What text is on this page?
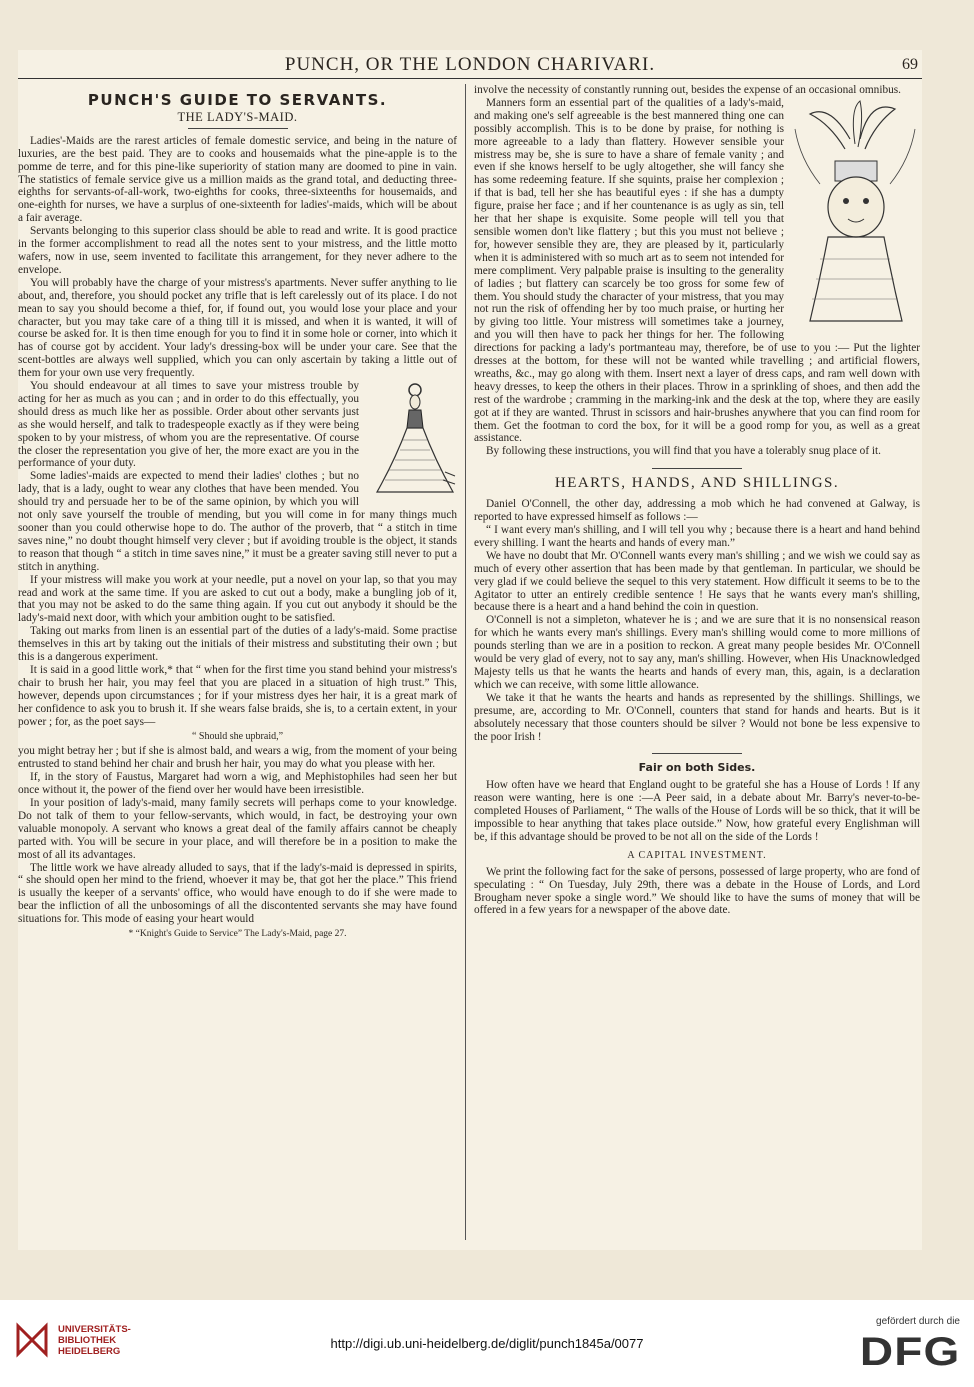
PUNCH, OR THE LONDON CHARIVARI.	69
PUNCH'S GUIDE TO SERVANTS.
THE LADY'S-MAID.

Ladies'-Maids are the rarest articles of female domestic service, and being in the nature of luxuries, are the best paid. They are to cooks and housemaids what the pine-apple is to the pomme de terre, and for this pine-like superiority of station many are doomed to pine in vain. The statistics of female service give us a million maids as the grand total, and deducting three-eighths for servants-of-all-work, two-eighths for cooks, three-sixteenths for housemaids, and one-eighth for nurses, we have a surplus of one-sixteenth for ladies'-maids, which will be about a fair average.

Servants belonging to this superior class should be able to read and write. It is good practice in the former accomplishment to read all the notes sent to your mistress, and the little motto wafers, now in use, seem invented to facilitate this arrangement, for they never adhere to the envelope.

You will probably have the charge of your mistress's apartments. Never suffer anything to lie about, and, therefore, you should pocket any trifle that is left carelessly out of its place. I do not mean to say you should become a thief, for, if found out, you would lose your place and your character, but you may take care of a thing till it is missed, and when it is wanted, it will of course be asked for. It is then time enough for you to find it in some hole or corner, into which it has of course got by accident. Your lady's dressing-box will be under your care. See that the scent-bottles are always well supplied, which you can only ascertain by taking a little out of them for your own use very frequently.

You should endeavour at all times to save your mistress trouble by acting for her as much as you can ; and in order to do this effectually, you should dress as much like her as possible. Order about other servants just as she would herself, and talk to tradespeople exactly as if they were being spoken to by your mistress, of whom you are the representative. Of course the closer the representation you give of her, the more exact are you in the performance of your duty.

Some ladies'-maids are expected to mend their ladies' clothes ; but no lady, that is a lady, ought to wear any clothes that have been mended. You should try and persuade her to be of the same opinion, by which you will not only save yourself the trouble of mending, but you will come in for many things much sooner than you could otherwise hope to do. The author of the proverb, that “ a stitch in time saves nine,” no doubt thought himself very clever ; but if avoiding trouble is the object, it stands to reason that though “ a stitch in time saves nine,” it must be a greater saving still never to put a stitch in anything.

If your mistress will make you work at your needle, put a novel on your lap, so that you may read and work at the same time. If you are asked to cut out a body, make a bungling job of it, that you may not be asked to do the same thing again. If you cut out anybody it should be the lady's-maid next door, with which your ambition ought to be satisfied.

Taking out marks from linen is an essential part of the duties of a lady's-maid. Some practise themselves in this art by taking out the initials of their mistress and substituting their own ; but this is a dangerous experiment.

It is said in a good little work,* that “ when for the first time you stand behind your mistress's chair to brush her hair, you may feel that you are placed in a situation of high trust.” This, however, depends upon circumstances ; for if your mistress dyes her hair, it is a great mark of her confidence to ask you to brush it. If she wears false braids, she is, to a certain extent, in your power ; for, as the poet says—

“ Should she upbraid,”

you might betray her ; but if she is almost bald, and wears a wig, from the moment of your being entrusted to stand behind her chair and brush her hair, you may do what you please with her.

If, in the story of Faustus, Margaret had worn a wig, and Mephistophiles had seen her but once without it, the power of the fiend over her would have been irresistible.

In your position of lady's-maid, many family secrets will perhaps come to your knowledge. Do not talk of them to your fellow-servants, which would, in fact, be destroying your own valuable monopoly. A servant who knows a great deal of the family affairs cannot be cheaply parted with. You will be secure in your place, and will therefore be in a position to make the most of all its advantages.

The little work we have already alluded to says, that if the lady's-maid is depressed in spirits, “ she should open her mind to the friend, whoever it may be, that got her the place.” This friend is usually the keeper of a servants' office, who would have enough to do if she were made to bear the infliction of all the unbosomings of all the discontented servants she may have found situations for. This mode of easing your heart would

* “Knight's Guide to Service” The Lady's-Maid, page 27.

involve the necessity of constantly running out, besides the expense of an occasional omnibus.

Manners form an essential part of the qualities of a lady's-maid, and making one's self agreeable is the best mannered thing one can possibly accomplish. This is to be done by praise, for nothing is more agreeable to a lady than flattery. However sensible your mistress may be, she is sure to have a share of female vanity ; and even if she knows herself to be ugly altogether, she will fancy she has some redeeming feature. If she squints, praise her complexion ; if that is bad, tell her she has beautiful eyes : if she has a dumpty figure, praise her face ; and if her countenance is as ugly as sin, tell her that her shape is exquisite. Some people will tell you that sensible women don't like flattery ; but this you must not believe ; for, however sensible they are, they are pleased by it, particularly when it is administered with so much art as to seem not intended for mere compliment. Very palpable praise is insulting to the generality of ladies ; but flattery can scarcely be too gross for some few of them. You should study the character of your mistress, that you may not run the risk of offending her by too much praise, or hurting her by giving too little. Your mistress will sometimes take a journey, and you will then have to pack her things for her. The following directions for packing a lady's portmanteau may, therefore, be of use to you :— Put the lighter dresses at the bottom, for these will not be wanted while travelling ; and artificial flowers, wreaths, &c., may go along with them. Insert next a layer of dress caps, and ram well down with heavy dresses, to keep the others in their places. Throw in a sprinkling of shoes, and then add the rest of the wardrobe ; cramming in the marking-ink and the desk at the top, where they are easily got at if they are wanted. Thrust in scissors and hair-brushes anywhere that you can find room for them. Get the footman to cord the box, for it will be a good romp for you, as well as a great assistance.

By following these instructions, you will find that you have a tolerably snug place of it.

HEARTS, HANDS, AND SHILLINGS.

Daniel O'Connell, the other day, addressing a mob which he had convened at Galway, is reported to have expressed himself as follows :—

“ I want every man's shilling, and I will tell you why ; because there is a heart and hand behind every shilling. I want the hearts and hands of every man.”

We have no doubt that Mr. O'Connell wants every man's shilling ; and we wish we could say as much of every other assertion that has been made by that gentleman. In particular, we should be very glad if we could believe the sequel to this very statement. How difficult it seems to be to the Agitator to utter an entirely credible sentence ! He says that he wants every man's shilling, because there is a heart and a hand behind the coin in question.

O'Connell is not a simpleton, whatever he is ; and we are sure that it is no nonsensical reason for which he wants every man's shillings. Every man's shilling would come to more millions of pounds sterling than we are in a position to reckon. A great many people besides Mr. O'Connell would be very glad of every, not to say any, man's shilling. However, when His Unacknowledged Majesty tells us that he wants the hearts and hands of every man, this, again, is a declaration which we can receive, with some little allowance.

We take it that he wants the hearts and hands as represented by the shillings. Shillings, we presume, are, according to Mr. O'Connell, counters that stand for hands and hearts. But is it absolutely necessary that those counters should be silver ? Would not bone be less expensive to the poor Irish !

Fair on both Sides.

How often have we heard that England ought to be grateful she has a House of Lords ! If any reason were wanting, here is one :—A Peer said, in a debate about Mr. Barry's never-to-be-completed Houses of Parliament, “ The walls of the House of Lords will be so thick, that it will be impossible to hear anything that takes place outside.” Now, how grateful every Englishman will be, if this advantage should be proved to be not all on the side of the Lords !

A CAPITAL INVESTMENT.

We print the following fact for the sake of persons, possessed of large property, who are fond of speculating : “ On Tuesday, July 29th, there was a debate in the House of Lords, and Lord Brougham never spoke a single word.” We should like to have the sums of money that will be offered in a few years for a newspaper of the above date.

UNIVERSITÄTS-
BIBLIOTHEK
HEIDELBERG
http://digi.ub.uni-heidelberg.de/diglit/punch1845a/0077
gefördert durch die
DFG
